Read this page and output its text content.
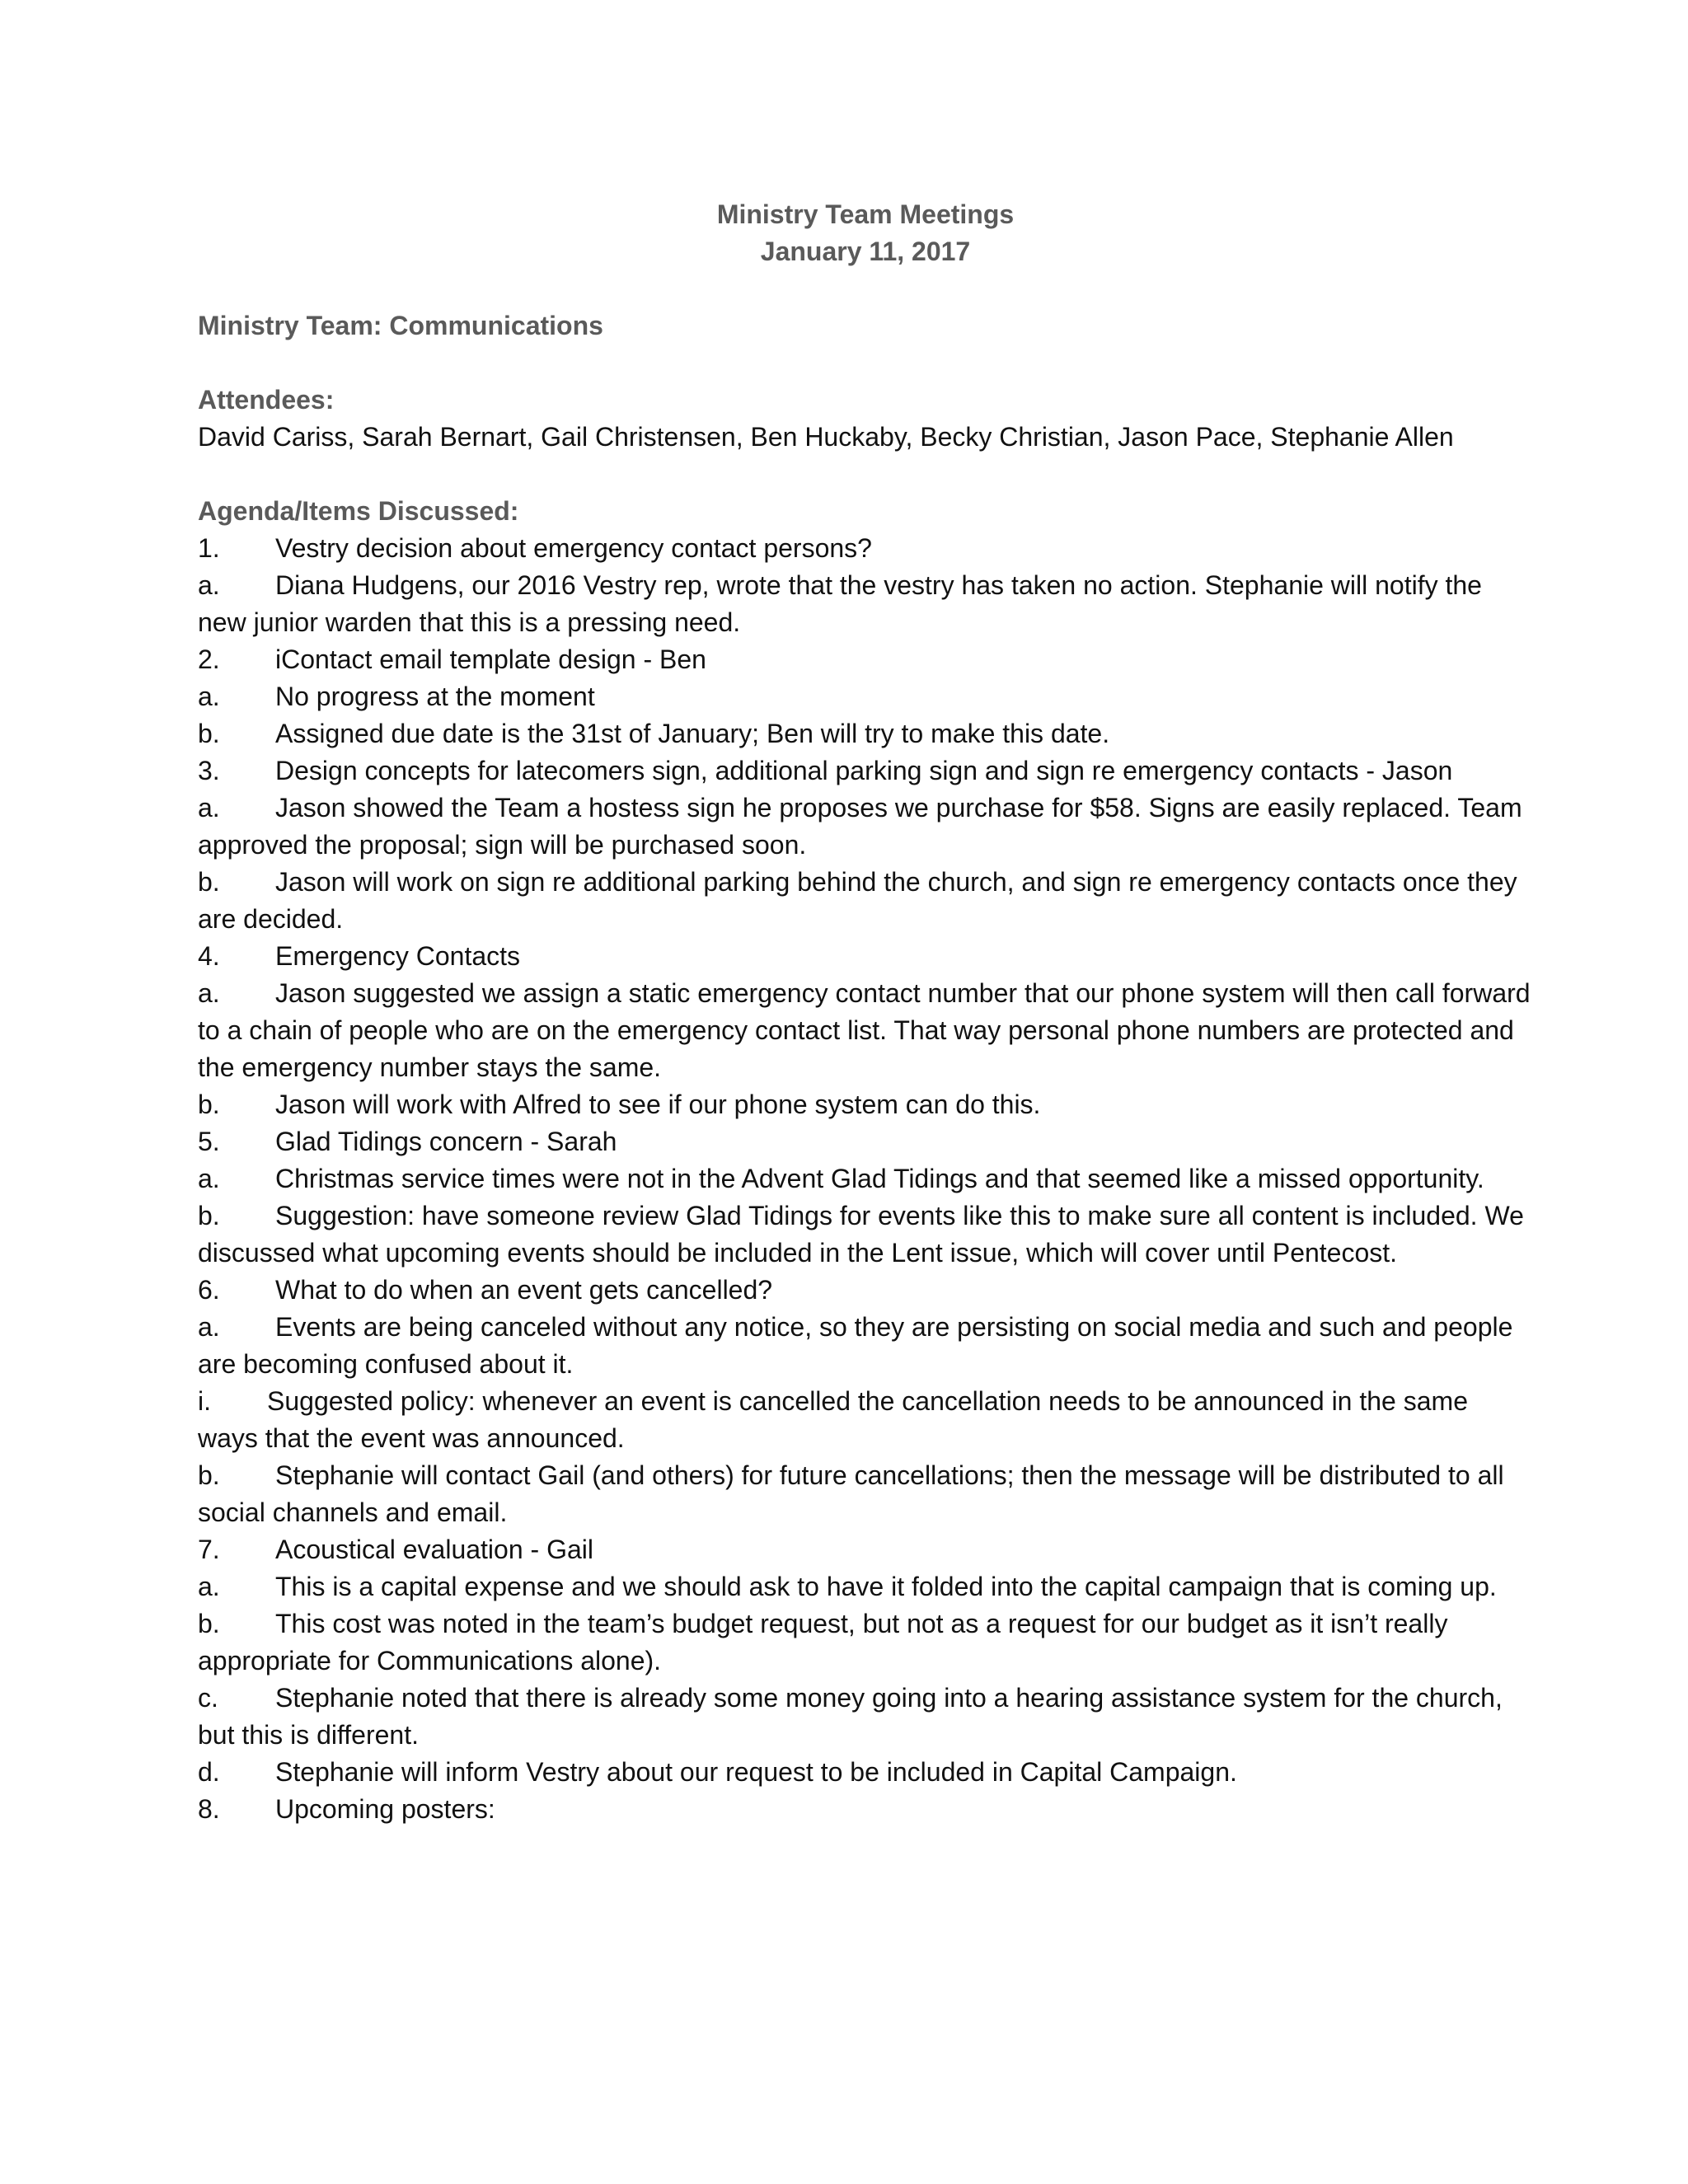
Ministry Team Meetings
January 11, 2017
Ministry Team: Communications
Attendees:
David Cariss, Sarah Bernart, Gail Christensen, Ben Huckaby, Becky Christian, Jason Pace, Stephanie Allen
Agenda/Items Discussed:

1. Vestry decision about emergency contact persons?

a. Diana Hudgens, our 2016 Vestry rep, wrote that the vestry has taken no action. Stephanie will notify the new junior warden that this is a pressing need.

2. iContact email template design - Ben

a. No progress at the moment

b. Assigned due date is the 31st of January; Ben will try to make this date.

3. Design concepts for latecomers sign, additional parking sign and sign re emergency contacts - Jason

a. Jason showed the Team a hostess sign he proposes we purchase for $58. Signs are easily replaced. Team approved the proposal; sign will be purchased soon.

b. Jason will work on sign re additional parking behind the church, and sign re emergency contacts once they are decided.

4. Emergency Contacts

a. Jason suggested we assign a static emergency contact number that our phone system will then call forward to a chain of people who are on the emergency contact list. That way personal phone numbers are protected and the emergency number stays the same.

b. Jason will work with Alfred to see if our phone system can do this.

5. Glad Tidings concern - Sarah

a. Christmas service times were not in the Advent Glad Tidings and that seemed like a missed opportunity.

b. Suggestion: have someone review Glad Tidings for events like this to make sure all content is included. We discussed what upcoming events should be included in the Lent issue, which will cover until Pentecost.

6. What to do when an event gets cancelled?

a. Events are being canceled without any notice, so they are persisting on social media and such and people are becoming confused about it.

i. Suggested policy: whenever an event is cancelled the cancellation needs to be announced in the same ways that the event was announced.

b. Stephanie will contact Gail (and others) for future cancellations; then the message will be distributed to all social channels and email.

7. Acoustical evaluation - Gail

a. This is a capital expense and we should ask to have it folded into the capital campaign that is coming up.

b. This cost was noted in the team’s budget request, but not as a request for our budget as it isn’t really appropriate for Communications alone).

c. Stephanie noted that there is already some money going into a hearing assistance system for the church, but this is different.

d. Stephanie will inform Vestry about our request to be included in Capital Campaign.

8. Upcoming posters:
